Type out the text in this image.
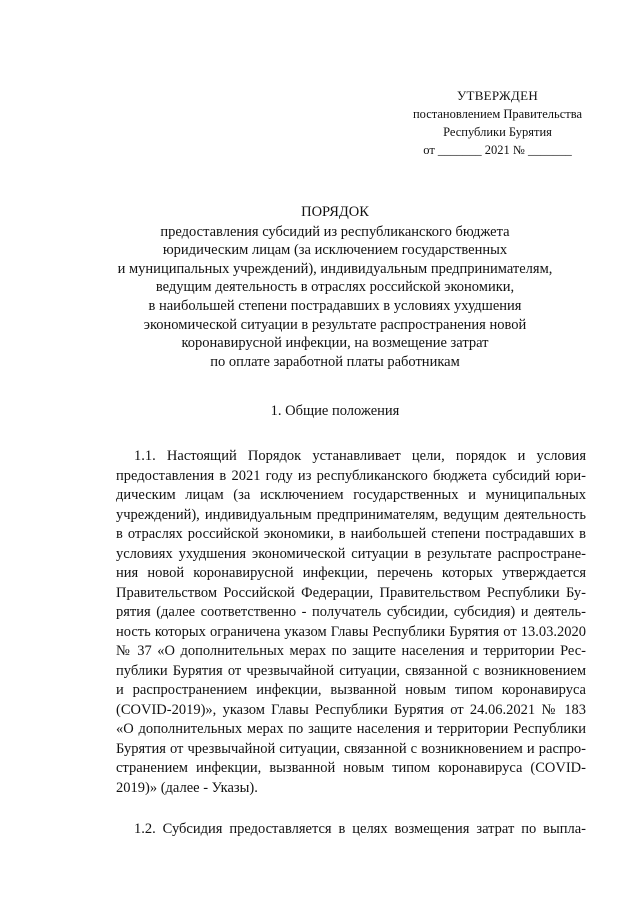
УТВЕРЖДЕН
постановлением Правительства
Республики Бурятия
от _______ 2021 № _______
ПОРЯДОК
предоставления субсидий из республиканского бюджета
юридическим лицам (за исключением государственных
и муниципальных учреждений), индивидуальным предпринимателям,
ведущим деятельность в отраслях российской экономики,
в наибольшей степени пострадавших в условиях ухудшения
экономической ситуации в результате распространения новой
коронавирусной инфекции, на возмещение затрат
по оплате заработной платы работникам
1. Общие положения
1.1. Настоящий Порядок устанавливает цели, порядок и условия
предоставления в 2021 году из республиканского бюджета субсидий юри-
дическим лицам (за исключением государственных и муниципальных
учреждений), индивидуальным предпринимателям, ведущим деятельность
в отраслях российской экономики, в наибольшей степени пострадавших в
условиях ухудшения экономической ситуации в результате распростране-
ния новой коронавирусной инфекции, перечень которых утверждается
Правительством Российской Федерации, Правительством Республики Бу-
рятия (далее соответственно - получатель субсидии, субсидия) и деятель-
ность которых ограничена указом Главы Республики Бурятия от 13.03.2020
№ 37 «О дополнительных мерах по защите населения и территории Рес-
публики Бурятия от чрезвычайной ситуации, связанной с возникновением
и распространением инфекции, вызванной новым типом коронавируса
(COVID-2019)», указом Главы Республики Бурятия от 24.06.2021 № 183
«О дополнительных мерах по защите населения и территории Республики
Бурятия от чрезвычайной ситуации, связанной с возникновением и распро-
странением инфекции, вызванной новым типом коронавируса (COVID-
2019)» (далее - Указы).
1.2. Субсидия предоставляется в целях возмещения затрат по выпла-
